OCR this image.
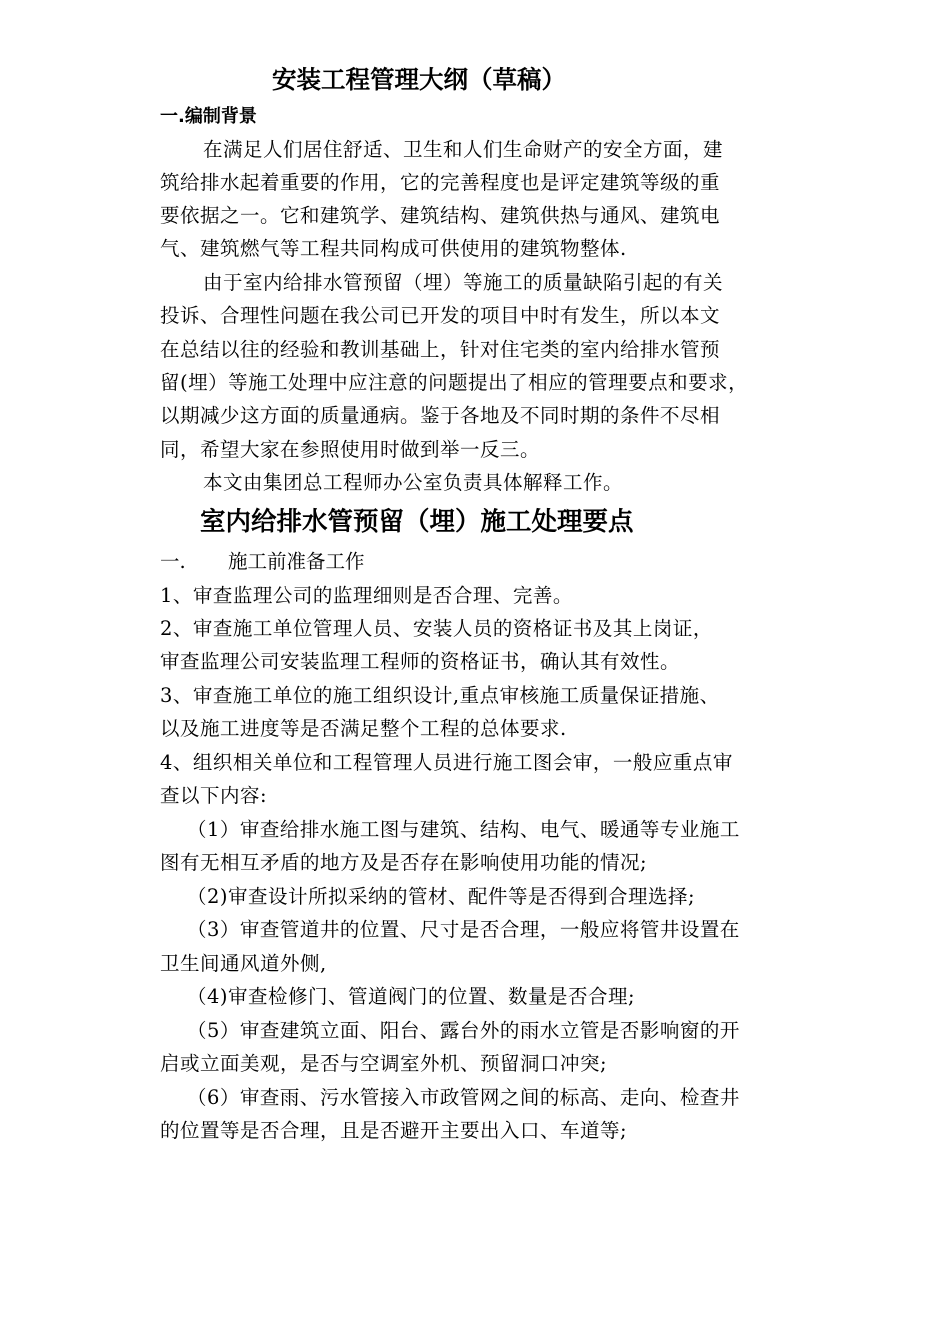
安装工程管理大纲（草稿）
一.编制背景
在满足人们居住舒适、卫生和人们生命财产的安全方面，建
筑给排水起着重要的作用，它的完善程度也是评定建筑等级的重
要依据之一。它和建筑学、建筑结构、建筑供热与通风、建筑电
气、建筑燃气等工程共同构成可供使用的建筑物整体.
由于室内给排水管预留（埋）等施工的质量缺陷引起的有关
投诉、合理性问题在我公司已开发的项目中时有发生，所以本文
在总结以往的经验和教训基础上，针对住宅类的室内给排水管预
留(埋）等施工处理中应注意的问题提出了相应的管理要点和要求，
以期减少这方面的质量通病。鉴于各地及不同时期的条件不尽相
同，希望大家在参照使用时做到举一反三。
本文由集团总工程师办公室负责具体解释工作。
室内给排水管预留（埋）施工处理要点
一. 施工前准备工作
1、审查监理公司的监理细则是否合理、完善。
2、审查施工单位管理人员、安装人员的资格证书及其上岗证，
审查监理公司安装监理工程师的资格证书，确认其有效性。
3、审查施工单位的施工组织设计,重点审核施工质量保证措施、
以及施工进度等是否满足整个工程的总体要求.
4、组织相关单位和工程管理人员进行施工图会审，一般应重点审
查以下内容:
（1）审查给排水施工图与建筑、结构、电气、暖通等专业施工
图有无相互矛盾的地方及是否存在影响使用功能的情况;
（2)审查设计所拟采纳的管材、配件等是否得到合理选择;
（3）审查管道井的位置、尺寸是否合理，一般应将管井设置在
卫生间通风道外侧,
（4)审查检修门、管道阀门的位置、数量是否合理;
（5）审查建筑立面、阳台、露台外的雨水立管是否影响窗的开
启或立面美观，是否与空调室外机、预留洞口冲突;
（6）审查雨、污水管接入市政管网之间的标高、走向、检查井
的位置等是否合理，且是否避开主要出入口、车道等;
